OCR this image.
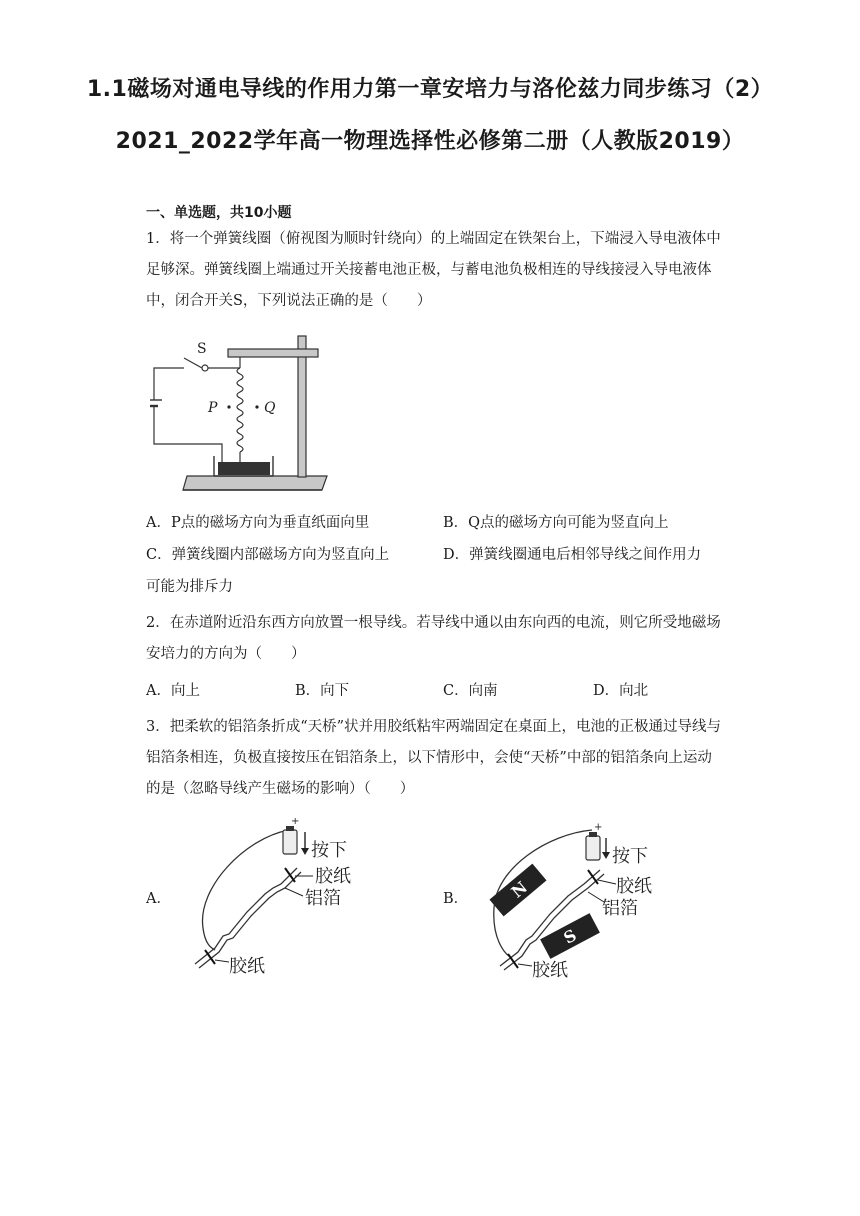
1.1磁场对通电导线的作用力第一章安培力与洛伦兹力同步练习（2）2021_2022学年高一物理选择性必修第二册（人教版2019）
一、单选题，共10小题
1．将一个弹簧线圈（俯视图为顺时针绕向）的上端固定在铁架台上，下端浸入导电液体中足够深。弹簧线圈上端通过开关接蓄电池正极，与蓄电池负极相连的导线接浸入导电液体中，闭合开关S，下列说法正确的是（　　）
S
P	Q
A．P点的磁场方向为垂直纸面向里	B．Q点的磁场方向可能为竖直向上
C．弹簧线圈内部磁场方向为竖直向上	D．弹簧线圈通电后相邻导线之间作用力
可能为排斥力
2．在赤道附近沿东西方向放置一根导线。若导线中通以由东向西的电流，则它所受地磁场安培力的方向为（　　）
A．向上	B．向下	C．向南	D．向北
3．把柔软的铝箔条折成“天桥”状并用胶纸粘牢两端固定在桌面上，电池的正极通过导线与铝箔条相连，负极直接按压在铝箔条上，以下情形中，会使“天桥”中部的铝箔条向上运动的是（忽略导线产生磁场的影响）（　　）
A．
+
按下
胶纸
铝箔
胶纸
B． N
S
+
按下
胶纸
铝箔
胶纸
